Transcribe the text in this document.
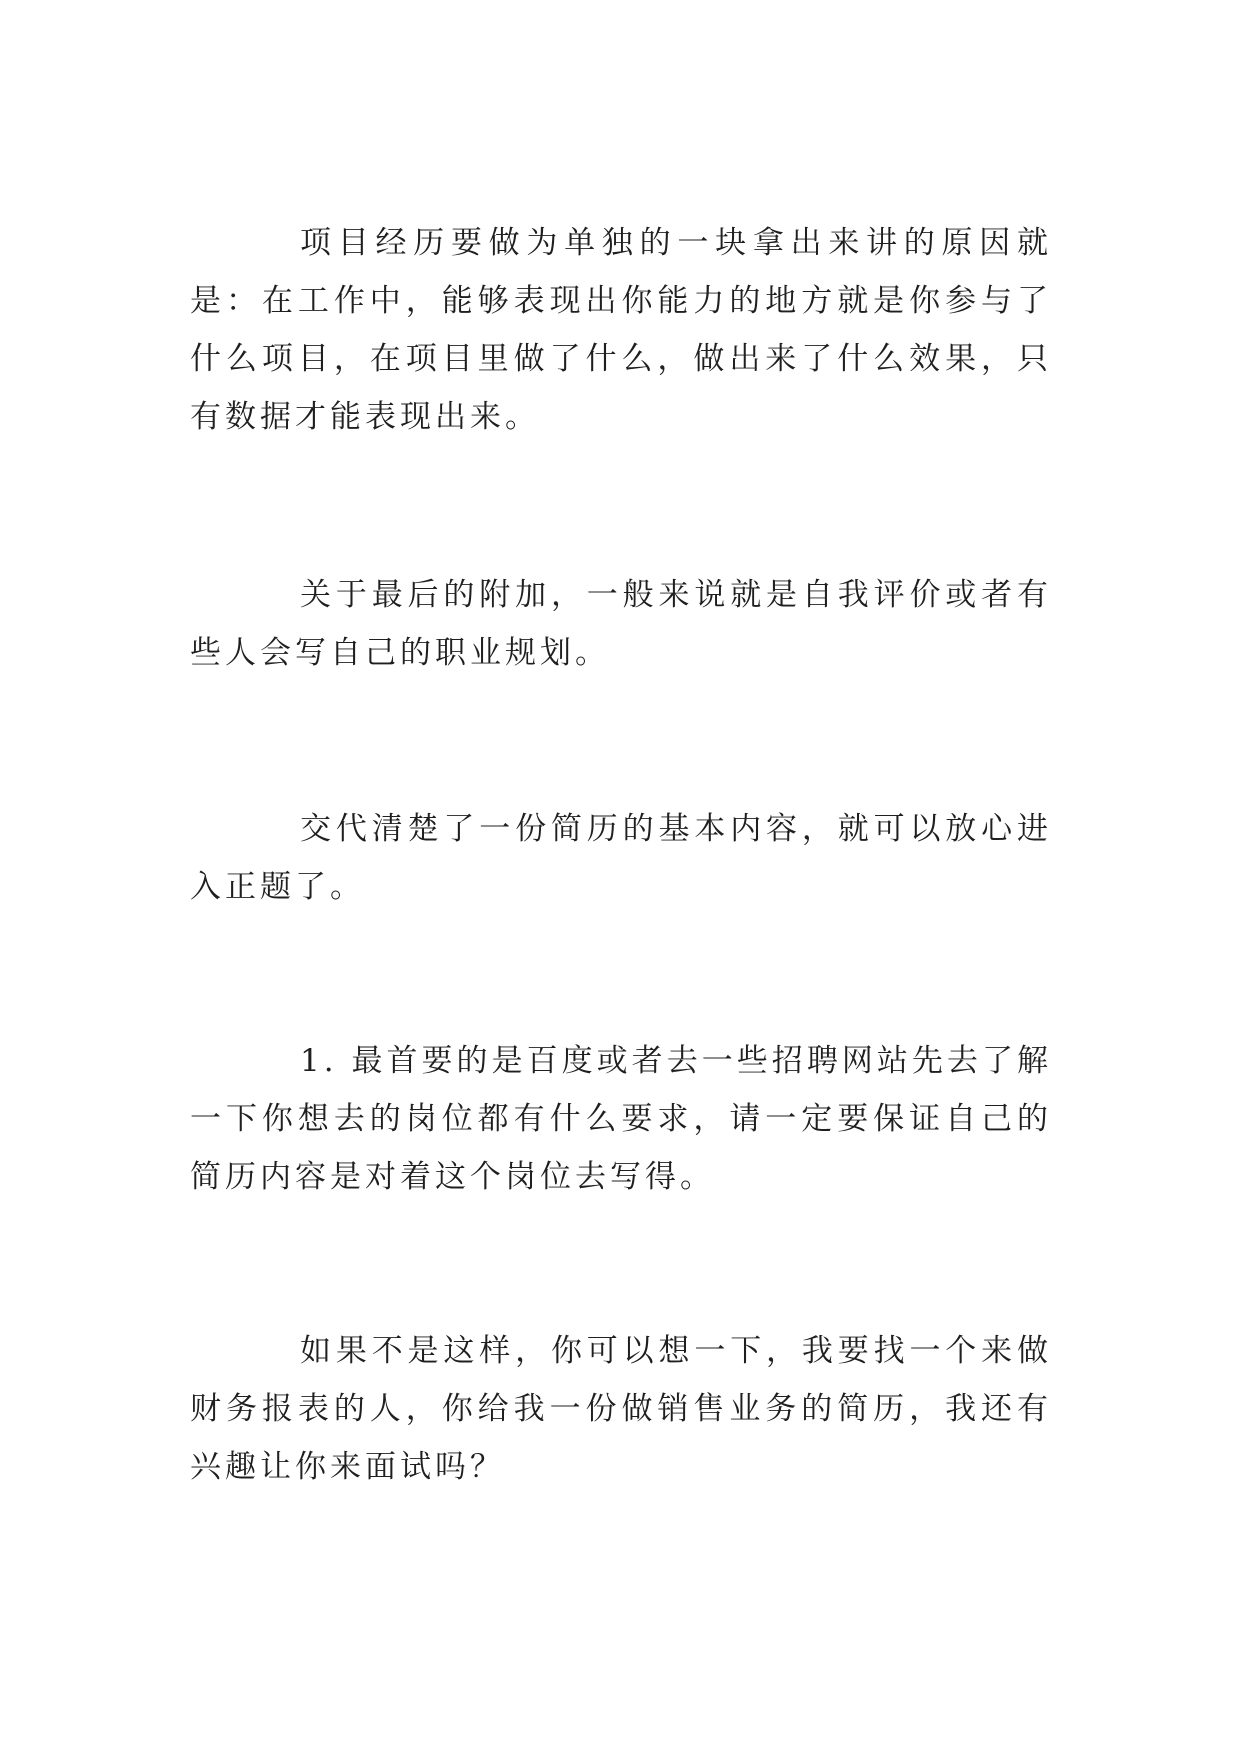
项目经历要做为单独的一块拿出来讲的原因就是：在工作中，能够表现出你能力的地方就是你参与了什么项目，在项目里做了什么，做出来了什么效果，只有数据才能表现出来。

关于最后的附加，一般来说就是自我评价或者有些人会写自己的职业规划。

交代清楚了一份简历的基本内容，就可以放心进入正题了。

1. 最首要的是百度或者去一些招聘网站先去了解一下你想去的岗位都有什么要求，请一定要保证自己的简历内容是对着这个岗位去写得。

如果不是这样，你可以想一下，我要找一个来做财务报表的人，你给我一份做销售业务的简历，我还有兴趣让你来面试吗？
